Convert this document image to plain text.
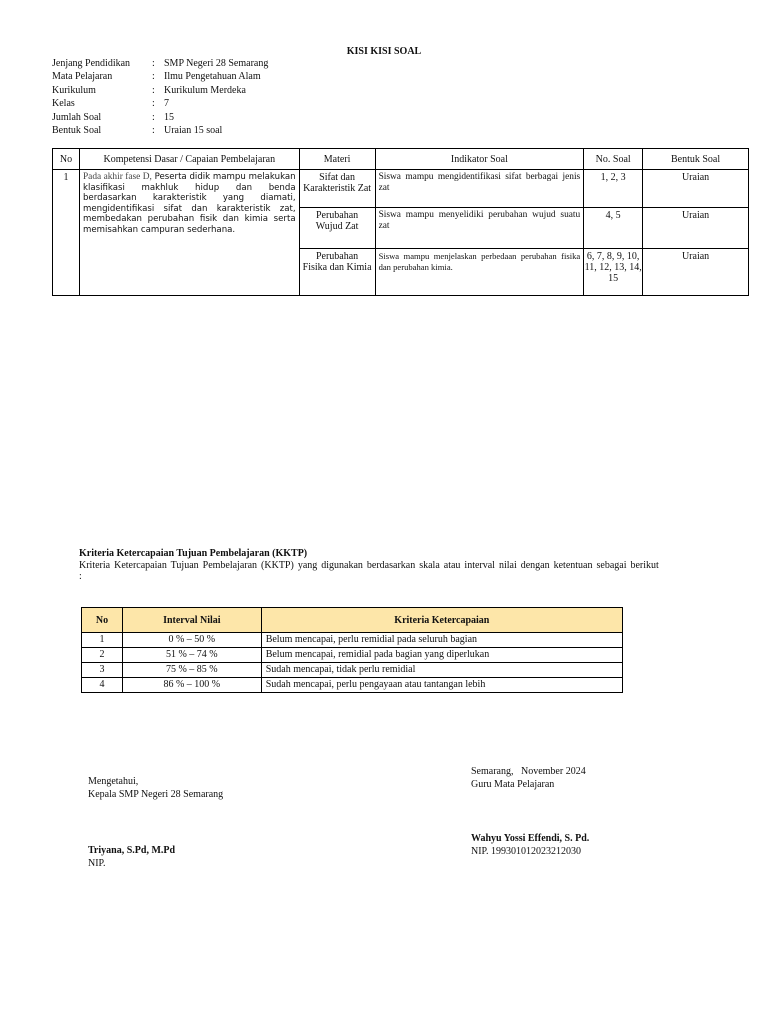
KISI KISI SOAL
Jenjang Pendidikan	: SMP Negeri 28 Semarang
Mata Pelajaran	: Ilmu Pengetahuan Alam
Kurikulum	: Kurikulum Merdeka
Kelas	: 7
Jumlah Soal	: 15
Bentuk Soal	: Uraian 15 soal
No	Kompetensi Dasar / Capaian Pembelajaran	Materi	Indikator Soal	No. Soal	Bentuk Soal
1	Pada akhir fase D, Peserta didik mampu melakukan klasifikasi makhluk hidup dan benda berdasarkan karakteristik yang diamati, mengidentifikasi sifat dan karakteristik zat, membedakan perubahan fisik dan kimia serta memisahkan campuran sederhana.	Sifat dan Karakteristik Zat	Siswa mampu mengidentifikasi sifat berbagai jenis zat	1, 2, 3	Uraian
		Perubahan Wujud Zat	Siswa mampu menyelidiki perubahan wujud suatu zat	4, 5	Uraian
		Perubahan Fisika dan Kimia	Siswa mampu menjelaskan perbedaan perubahan fisika dan perubahan kimia.	6, 7, 8, 9, 10, 11, 12, 13, 14, 15	Uraian
Kriteria Ketercapaian Tujuan Pembelajaran (KKTP)
Kriteria Ketercapaian Tujuan Pembelajaran (KKTP) yang digunakan berdasarkan skala atau interval nilai dengan ketentuan sebagai berikut :
No	Interval Nilai	Kriteria Ketercapaian
1	0 % – 50 %	Belum mencapai, perlu remidial pada seluruh bagian
2	51 % – 74 %	Belum mencapai, remidial pada bagian yang diperlukan
3	75 % – 85 %	Sudah mencapai, tidak perlu remidial
4	86 % – 100 %	Sudah mencapai, perlu pengayaan atau tantangan lebih
Mengetahui,
Kepala SMP Negeri 28 Semarang
Triyana, S.Pd, M.Pd
NIP.
Semarang,   November 2024
Guru Mata Pelajaran
Wahyu Yossi Effendi, S. Pd.
NIP. 199301012023212030
